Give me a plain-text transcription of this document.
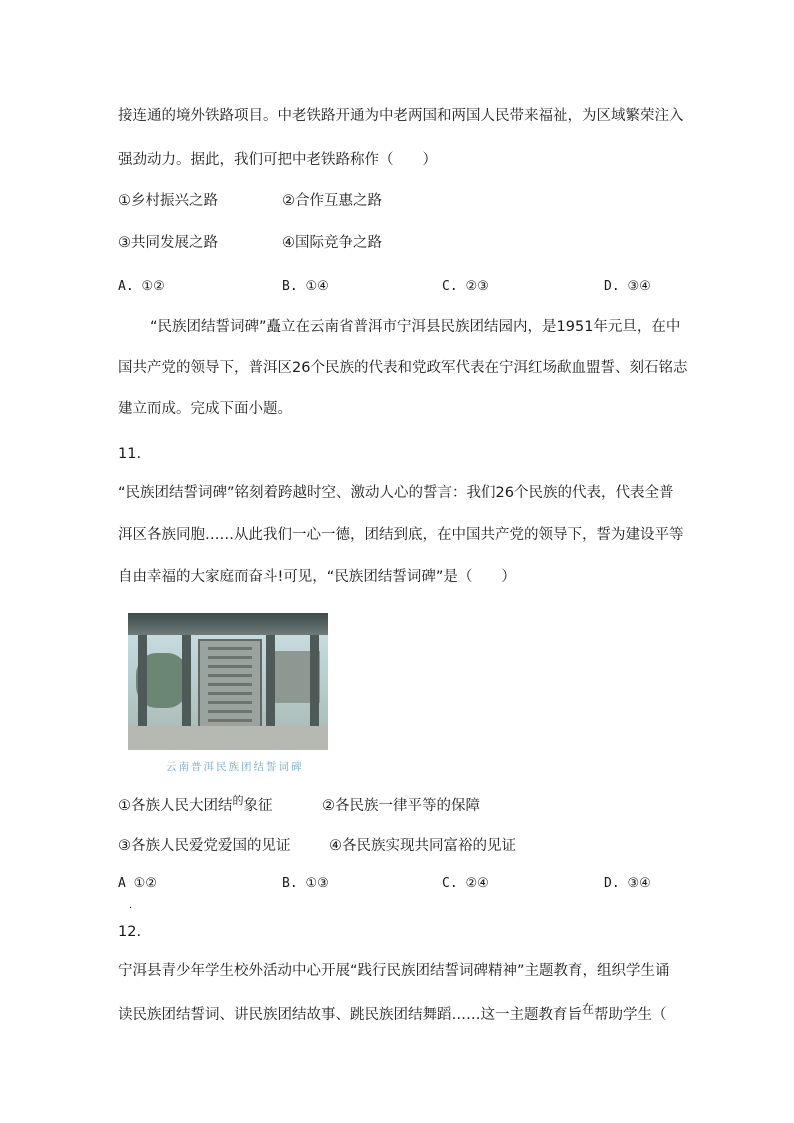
接连通的境外铁路项目。中老铁路开通为中老两国和两国人民带来福祉，为区域繁荣注入
强劲动力。据此，我们可把中老铁路称作（　　）
①乡村振兴之路	②合作互惠之路
③共同发展之路	④国际竞争之路
A. ①②	B. ①④	C. ②③	D. ③④
“民族团结誓词碑”矗立在云南省普洱市宁洱县民族团结园内，是1951年元旦，在中
国共产党的领导下，普洱区26个民族的代表和党政军代表在宁洱红场歃血盟誓、刻石铭志
建立而成。完成下面小题。
11.
“民族团结誓词碑”铭刻着跨越时空、激动人心的誓言：我们26个民族的代表，代表全普
洱区各族同胞……从此我们一心一德，团结到底，在中国共产党的领导下，誓为建设平等
自由幸福的大家庭而奋斗!可见，“民族团结誓词碑”是（　　）
云南普洱民族团结誓词碑
①各族人民大团结$^的$象征	②各民族一律平等的保障
③各族人民爱党爱国的见证	④各民族实现共同富裕的见证
A ①②
．
B. ①③	C. ②④	D. ③④
12.
宁洱县青少年学生校外活动中心开展“践行民族团结誓词碑精神”主题教育，组织学生诵
读民族团结誓词、讲民族团结故事、跳民族团结舞蹈……这一主题教育旨$^在$帮助学生（
